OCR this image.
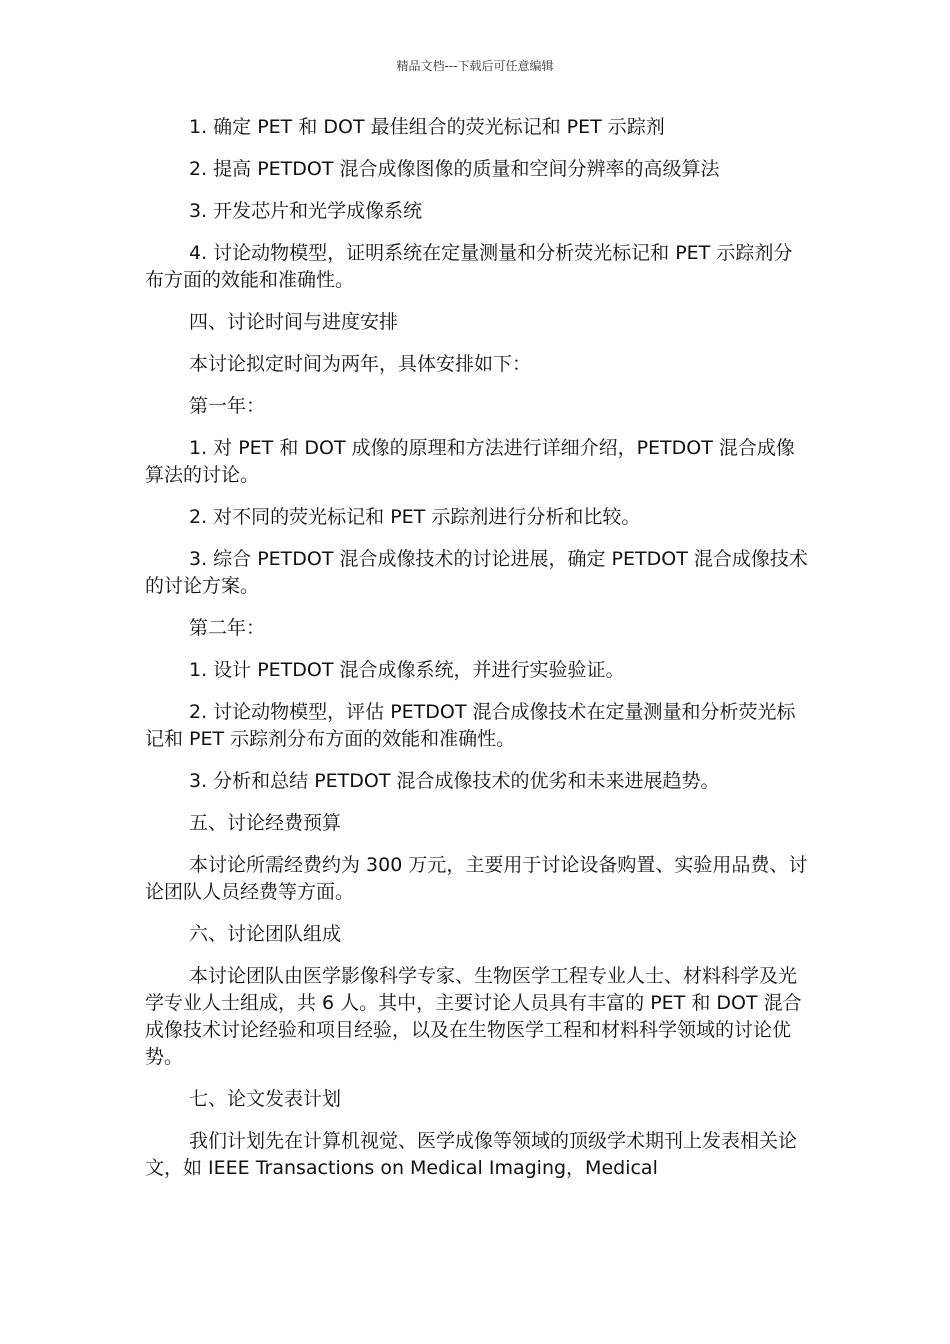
精品文档---下载后可任意编辑

1. 确定 PET 和 DOT 最佳组合的荧光标记和 PET 示踪剂

2. 提高 PETDOT 混合成像图像的质量和空间分辨率的高级算法

3. 开发芯片和光学成像系统

4. 讨论动物模型，证明系统在定量测量和分析荧光标记和 PET 示踪剂分布方面的效能和准确性。

四、讨论时间与进度安排

本讨论拟定时间为两年，具体安排如下：

第一年：

1. 对 PET 和 DOT 成像的原理和方法进行详细介绍，PETDOT 混合成像算法的讨论。

2. 对不同的荧光标记和 PET 示踪剂进行分析和比较。

3. 综合 PETDOT 混合成像技术的讨论进展，确定 PETDOT 混合成像技术的讨论方案。

第二年：

1. 设计 PETDOT 混合成像系统，并进行实验验证。

2. 讨论动物模型，评估 PETDOT 混合成像技术在定量测量和分析荧光标记和 PET 示踪剂分布方面的效能和准确性。

3. 分析和总结 PETDOT 混合成像技术的优劣和未来进展趋势。

五、讨论经费预算

本讨论所需经费约为 300 万元，主要用于讨论设备购置、实验用品费、讨论团队人员经费等方面。

六、讨论团队组成

本讨论团队由医学影像科学专家、生物医学工程专业人士、材料科学及光学专业人士组成，共 6 人。其中，主要讨论人员具有丰富的 PET 和 DOT 混合成像技术讨论经验和项目经验，以及在生物医学工程和材料科学领域的讨论优势。

七、论文发表计划

我们计划先在计算机视觉、医学成像等领域的顶级学术期刊上发表相关论文，如 IEEE Transactions on Medical Imaging，Medical
